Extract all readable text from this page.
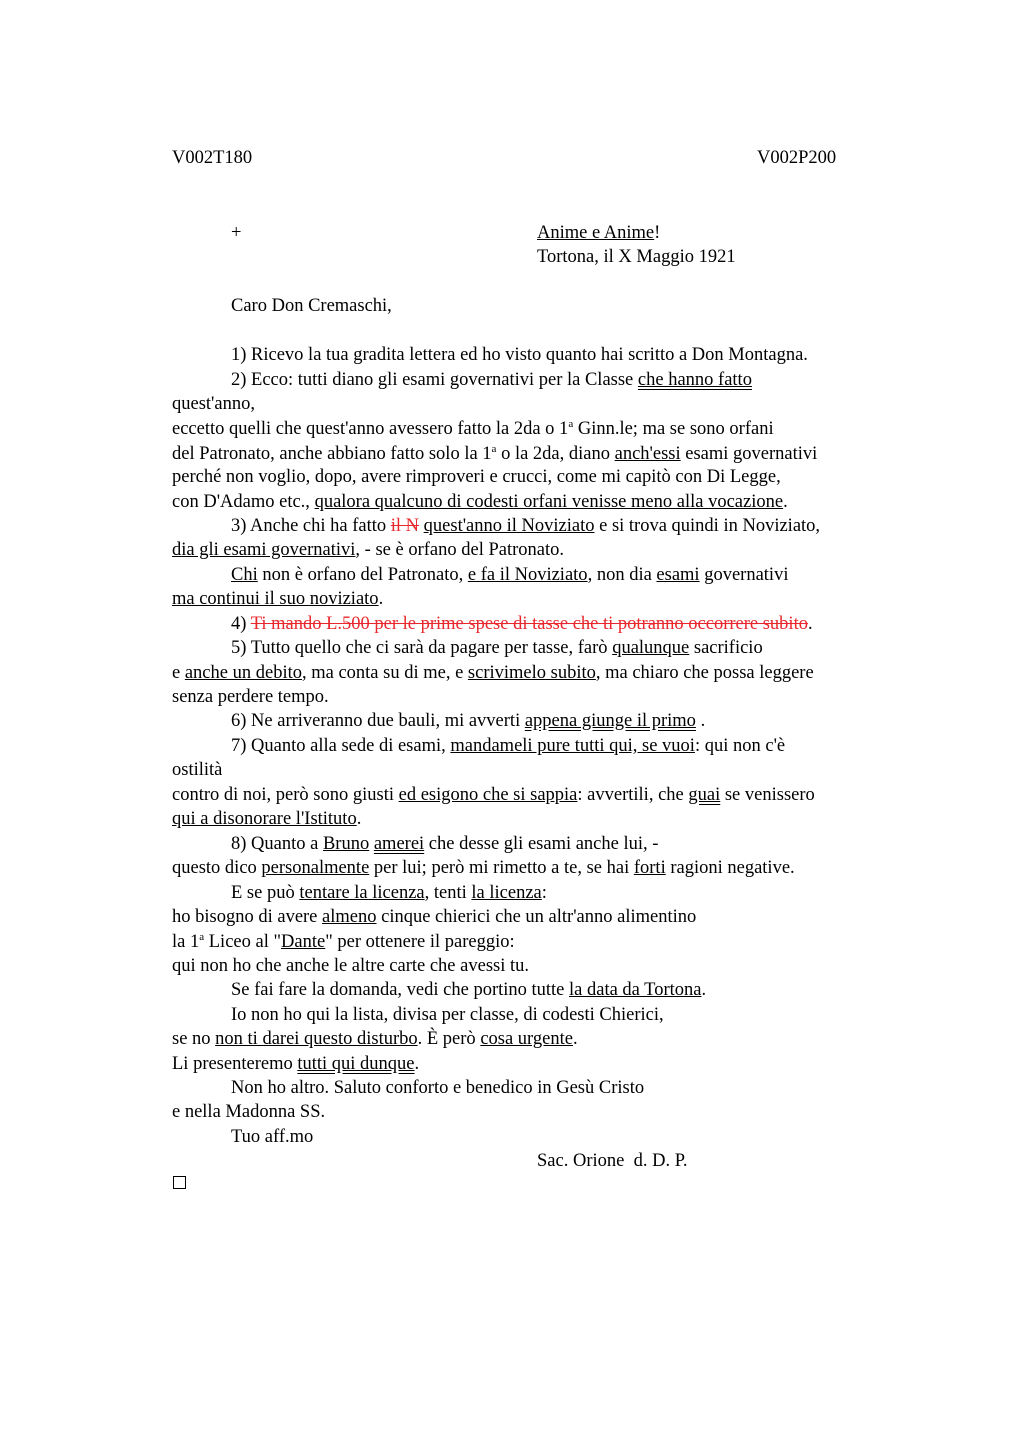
V002T180	V002P200
+	Anime e Anime!
Tortona, il X Maggio 1921
Caro Don Cremaschi,
1) Ricevo la tua gradita lettera ed ho visto quanto hai scritto a Don Montagna.
2) Ecco: tutti diano gli esami governativi per la Classe che hanno fatto
quest'anno,
eccetto quelli che quest'anno avessero fatto la 2da o 1$^a$ Ginn.le; ma se sono orfani
del Patronato, anche abbiano fatto solo la 1$^a$ o la 2da, diano anch'essi esami governativi
perché non voglio, dopo, avere rimproveri e crucci, come mi capitò con Di Legge,
con D'Adamo etc., qualora qualcuno di codesti orfani venisse meno alla vocazione.
3) Anche chi ha fatto il N quest'anno il Noviziato e si trova quindi in Noviziato,
dia gli esami governativi, - se è orfano del Patronato.
Chi non è orfano del Patronato, e fa il Noviziato, non dia esami governativi
ma continui il suo noviziato.
4) Ti mando L.500 per le prime spese di tasse che ti potranno occorrere subito.
5) Tutto quello che ci sarà da pagare per tasse, farò qualunque sacrificio
e anche un debito, ma conta su di me, e scrivimelo subito, ma chiaro che possa leggere
senza perdere tempo.
6) Ne arriveranno due bauli, mi avverti appena giunge il primo .
7) Quanto alla sede di esami, mandameli pure tutti qui, se vuoi: qui non c'è
ostilità
contro di noi, però sono giusti ed esigono che si sappia: avvertili, che guai se venissero
qui a disonorare l'Istituto.
8) Quanto a Bruno amerei che desse gli esami anche lui, -
questo dico personalmente per lui; però mi rimetto a te, se hai forti ragioni negative.
E se può tentare la licenza, tenti la licenza:
ho bisogno di avere almeno cinque chierici che un altr'anno alimentino
la 1$^a$ Liceo al "Dante" per ottenere il pareggio:
qui non ho che anche le altre carte che avessi tu.
Se fai fare la domanda, vedi che portino tutte la data da Tortona.
Io non ho qui la lista, divisa per classe, di codesti Chierici,
se no non ti darei questo disturbo. È però cosa urgente.
Li presenteremo tutti qui dunque.
Non ho altro. Saluto conforto e benedico in Gesù Cristo
e nella Madonna SS.
Tuo aff.mo
Sac. Orione  d. D. P.
